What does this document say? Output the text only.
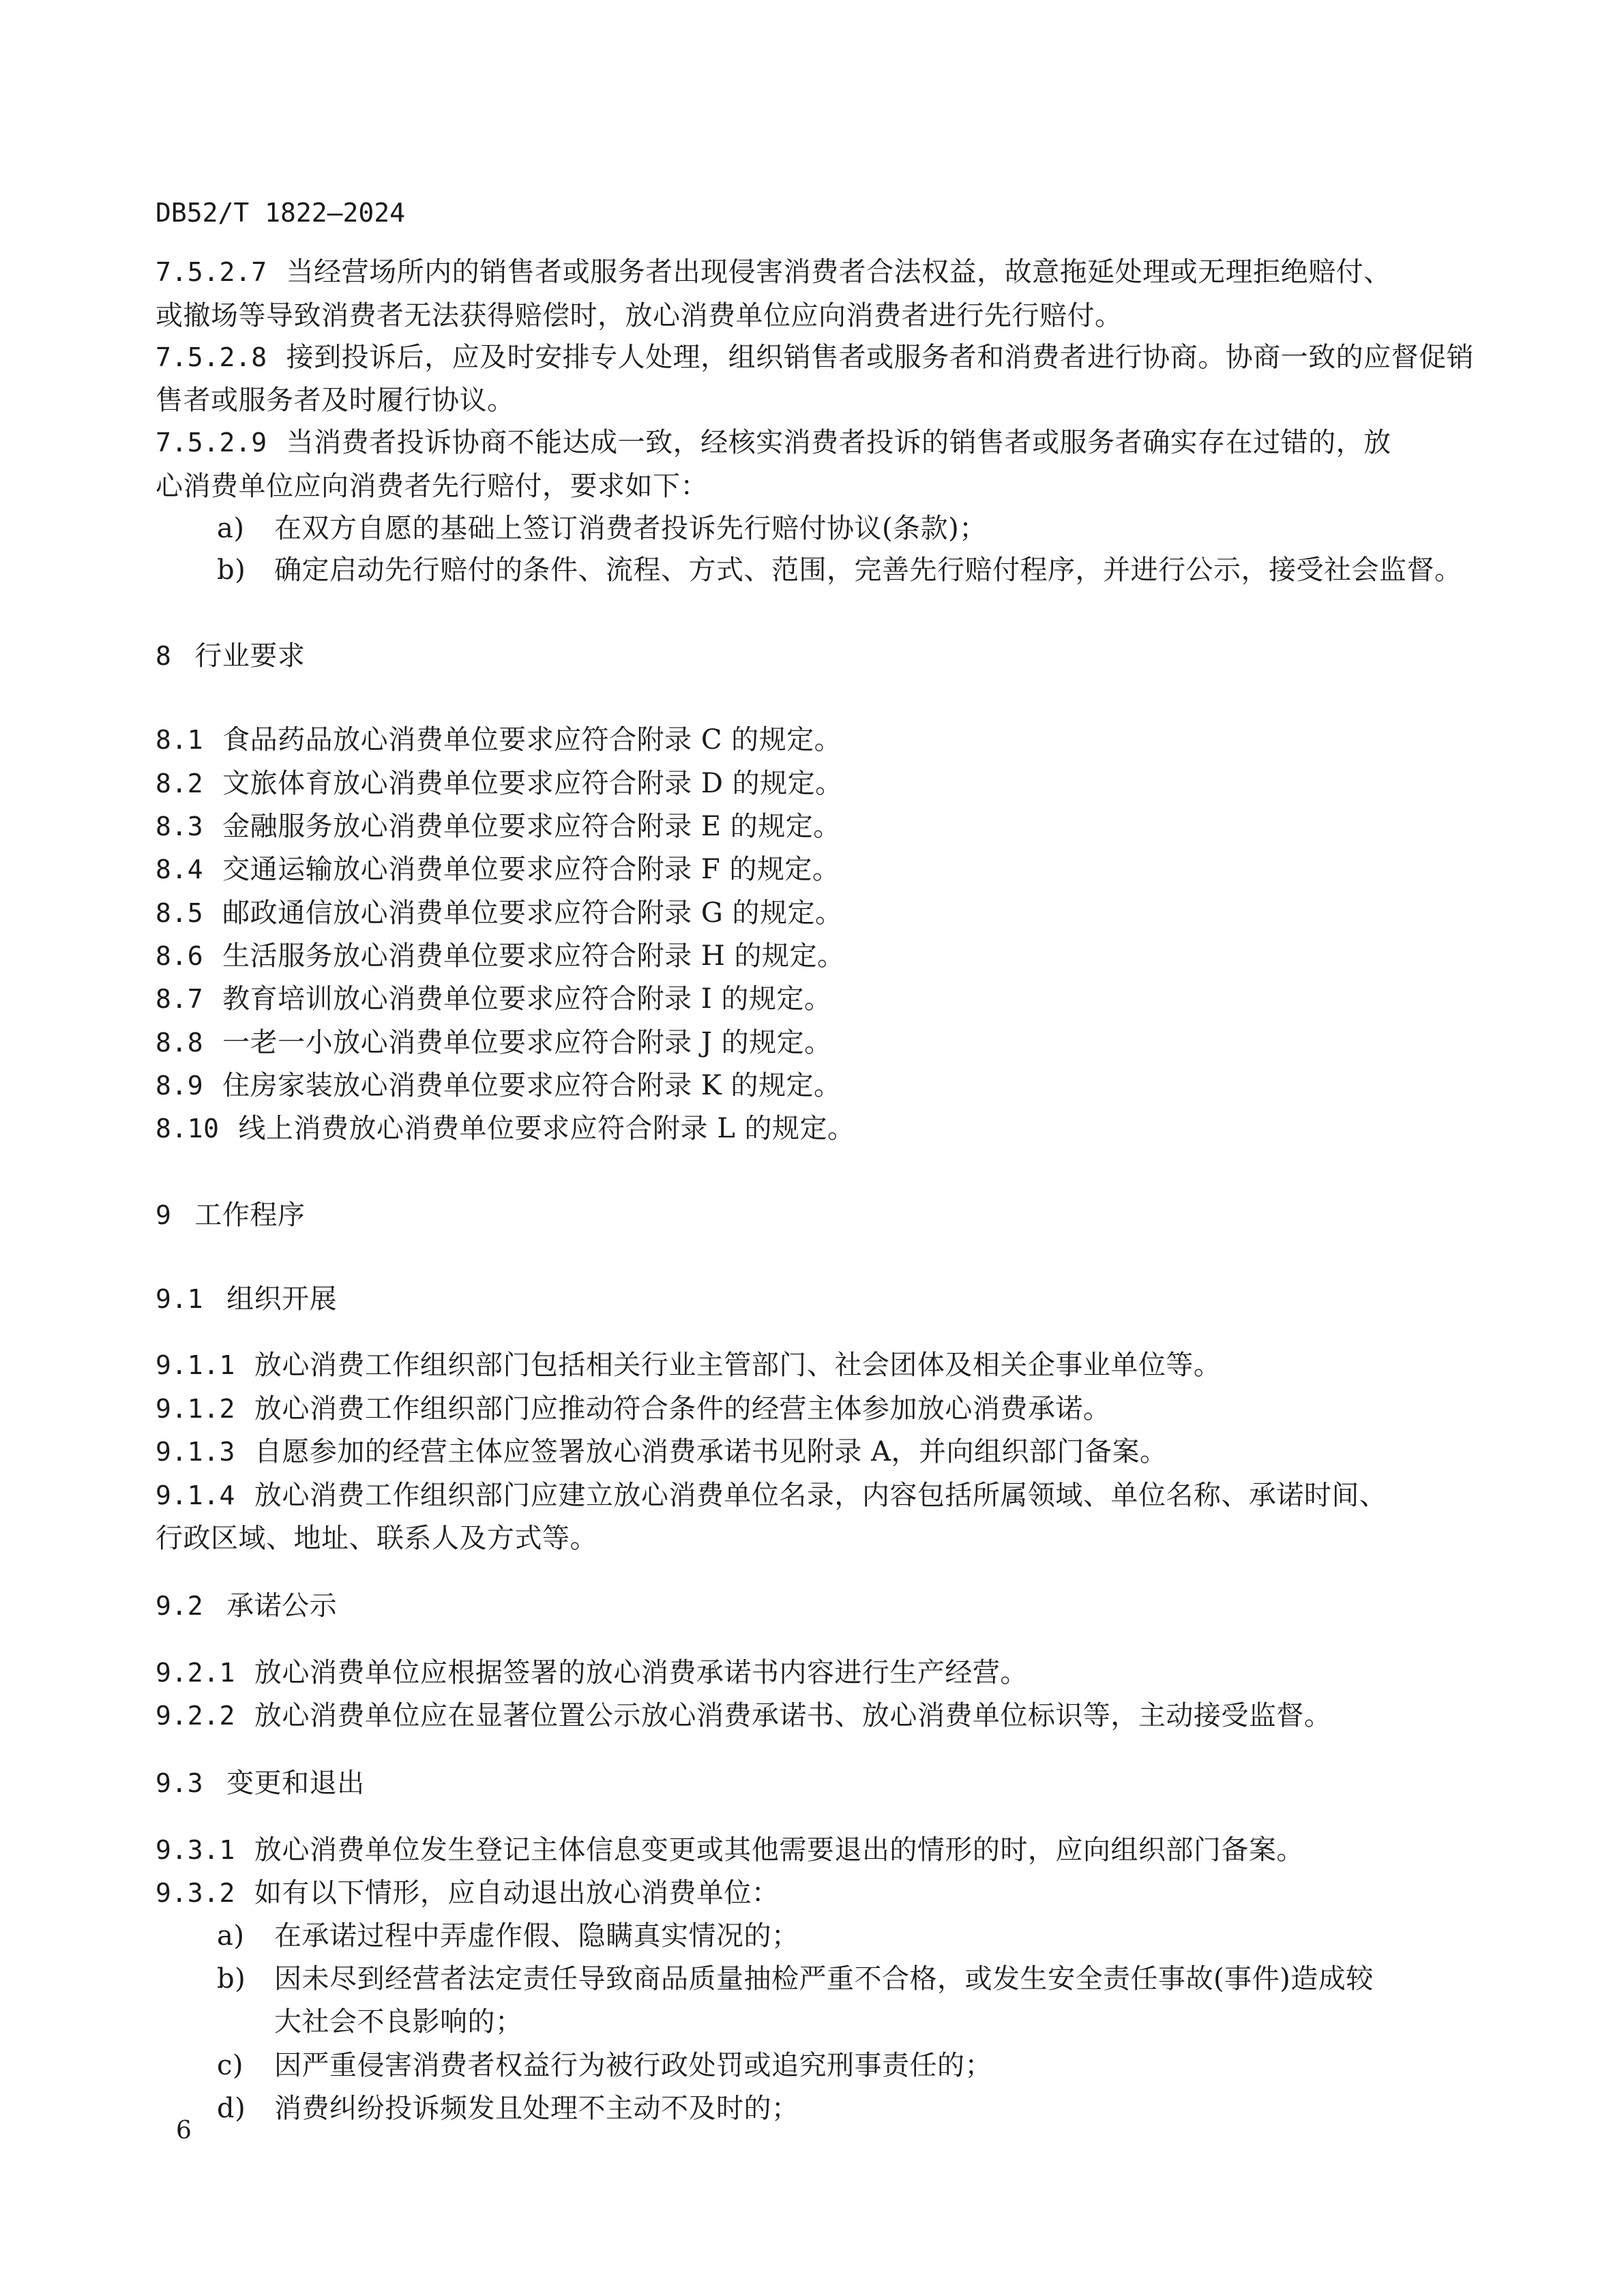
DB52/T 1822—2024
7.5.2.7 当经营场所内的销售者或服务者出现侵害消费者合法权益，故意拖延处理或无理拒绝赔付、
或撤场等导致消费者无法获得赔偿时，放心消费单位应向消费者进行先行赔付。
7.5.2.8 接到投诉后，应及时安排专人处理，组织销售者或服务者和消费者进行协商。协商一致的应督促销
售者或服务者及时履行协议。
7.5.2.9 当消费者投诉协商不能达成一致，经核实消费者投诉的销售者或服务者确实存在过错的，放
心消费单位应向消费者先行赔付，要求如下：
a) 在双方自愿的基础上签订消费者投诉先行赔付协议(条款)；
b) 确定启动先行赔付的条件、流程、方式、范围，完善先行赔付程序，并进行公示，接受社会监督。
8 行业要求
8.1 食品药品放心消费单位要求应符合附录 C 的规定。
8.2 文旅体育放心消费单位要求应符合附录 D 的规定。
8.3 金融服务放心消费单位要求应符合附录 E 的规定。
8.4 交通运输放心消费单位要求应符合附录 F 的规定。
8.5 邮政通信放心消费单位要求应符合附录 G 的规定。
8.6 生活服务放心消费单位要求应符合附录 H 的规定。
8.7 教育培训放心消费单位要求应符合附录 I 的规定。
8.8 一老一小放心消费单位要求应符合附录 J 的规定。
8.9 住房家装放心消费单位要求应符合附录 K 的规定。
8.10 线上消费放心消费单位要求应符合附录 L 的规定。
9 工作程序
9.1 组织开展
9.1.1 放心消费工作组织部门包括相关行业主管部门、社会团体及相关企事业单位等。
9.1.2 放心消费工作组织部门应推动符合条件的经营主体参加放心消费承诺。
9.1.3 自愿参加的经营主体应签署放心消费承诺书见附录 A，并向组织部门备案。
9.1.4 放心消费工作组织部门应建立放心消费单位名录，内容包括所属领域、单位名称、承诺时间、
行政区域、地址、联系人及方式等。
9.2 承诺公示
9.2.1 放心消费单位应根据签署的放心消费承诺书内容进行生产经营。
9.2.2 放心消费单位应在显著位置公示放心消费承诺书、放心消费单位标识等，主动接受监督。
9.3 变更和退出
9.3.1 放心消费单位发生登记主体信息变更或其他需要退出的情形的时，应向组织部门备案。
9.3.2 如有以下情形，应自动退出放心消费单位：
a) 在承诺过程中弄虚作假、隐瞒真实情况的；
b) 因未尽到经营者法定责任导致商品质量抽检严重不合格，或发生安全责任事故(事件)造成较
大社会不良影响的；
c) 因严重侵害消费者权益行为被行政处罚或追究刑事责任的；
d) 消费纠纷投诉频发且处理不主动不及时的；
6
